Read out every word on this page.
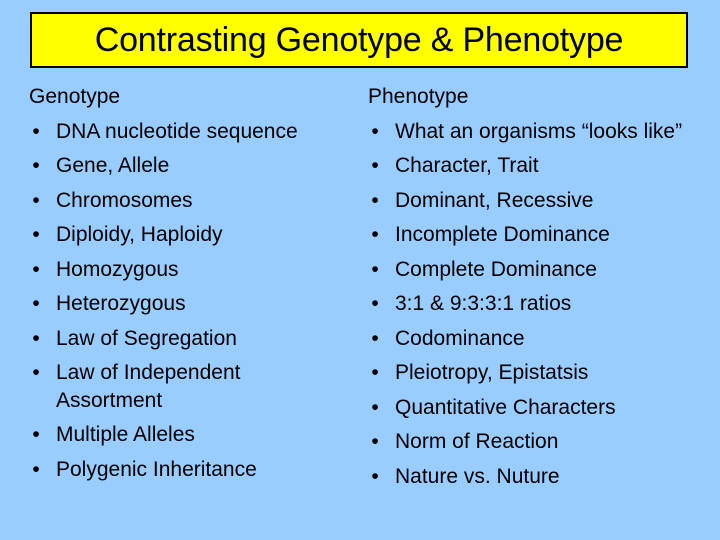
Contrasting Genotype & Phenotype
Genotype
• DNA nucleotide sequence
• Gene, Allele
• Chromosomes
• Diploidy, Haploidy
• Homozygous
• Heterozygous
• Law of Segregation
• Law of Independent Assortment
• Multiple Alleles
• Polygenic Inheritance
Phenotype
• What an organisms “looks like”
• Character, Trait
• Dominant, Recessive
• Incomplete Dominance
• Complete Dominance
• 3:1 & 9:3:3:1 ratios
• Codominance
• Pleiotropy, Epistatsis
• Quantitative Characters
• Norm of Reaction
• Nature vs. Nuture
